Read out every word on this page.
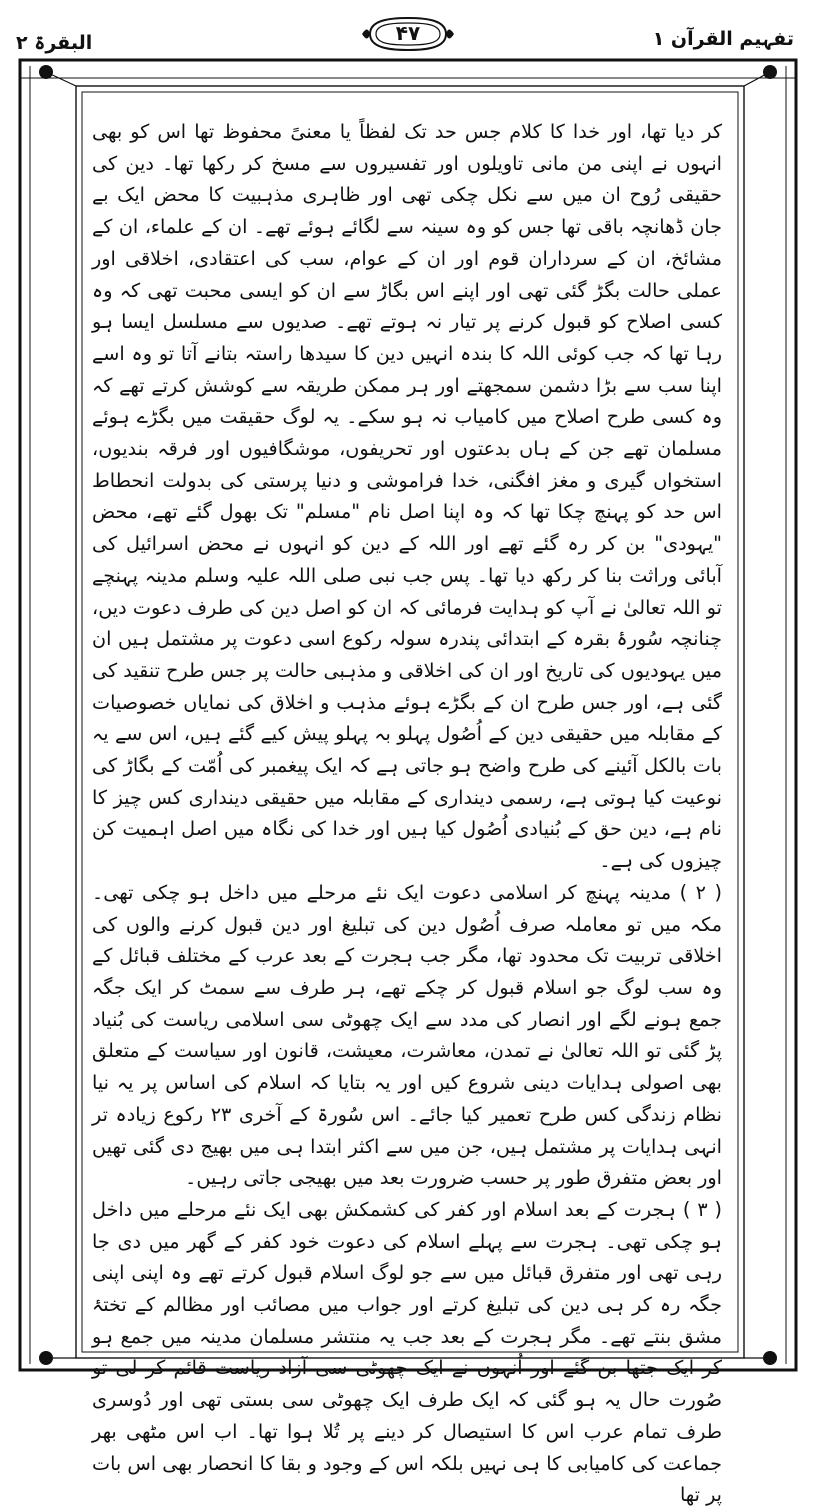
تفہیم القرآن ۱
۴۷
البقرۃ ۲

کر دیا تھا، اور خدا کا کلام جس حد تک لفظاً یا معنیً محفوظ تھا اس کو بھی انہوں نے اپنی من مانی تاویلوں اور تفسیروں سے مسخ کر رکھا تھا۔ دین کی حقیقی رُوح ان میں سے نکل چکی تھی اور ظاہری مذہبیت کا محض ایک بے جان ڈھانچہ باقی تھا جس کو وہ سینہ سے لگائے ہوئے تھے۔ ان کے علماء، ان کے مشائخ، ان کے سرداران قوم اور ان کے عوام، سب کی اعتقادی، اخلاقی اور عملی حالت بگڑ گئی تھی اور اپنے اس بگاڑ سے ان کو ایسی محبت تھی کہ وہ کسی اصلاح کو قبول کرنے پر تیار نہ ہوتے تھے۔ صدیوں سے مسلسل ایسا ہو رہا تھا کہ جب کوئی اللہ کا بندہ انہیں دین کا سیدھا راستہ بتانے آتا تو وہ اسے اپنا سب سے بڑا دشمن سمجھتے اور ہر ممکن طریقہ سے کوشش کرتے تھے کہ وہ کسی طرح اصلاح میں کامیاب نہ ہو سکے۔ یہ لوگ حقیقت میں بگڑے ہوئے مسلمان تھے جن کے ہاں بدعتوں اور تحریفوں، موشگافیوں اور فرقہ بندیوں، استخواں گیری و مغز افگنی، خدا فراموشی و دنیا پرستی کی بدولت انحطاط اس حد کو پہنچ چکا تھا کہ وہ اپنا اصل نام "مسلم" تک بھول گئے تھے، محض "یہودی" بن کر رہ گئے تھے اور اللہ کے دین کو انہوں نے محض اسرائیل کی آبائی وراثت بنا کر رکھ دیا تھا۔ پس جب نبی صلی اللہ علیہ وسلم مدینہ پہنچے تو اللہ تعالیٰ نے آپ کو ہدایت فرمائی کہ ان کو اصل دین کی طرف دعوت دیں، چنانچہ سُورۂ بقرہ کے ابتدائی پندرہ سولہ رکوع اسی دعوت پر مشتمل ہیں ان میں یہودیوں کی تاریخ اور ان کی اخلاقی و مذہبی حالت پر جس طرح تنقید کی گئی ہے، اور جس طرح ان کے بگڑے ہوئے مذہب و اخلاق کی نمایاں خصوصیات کے مقابلہ میں حقیقی دین کے اُصُول پہلو بہ پہلو پیش کیے گئے ہیں، اس سے یہ بات بالکل آئینے کی طرح واضح ہو جاتی ہے کہ ایک پیغمبر کی اُمّت کے بگاڑ کی نوعیت کیا ہوتی ہے، رسمی دینداری کے مقابلہ میں حقیقی دینداری کس چیز کا نام ہے، دین حق کے بُنیادی اُصُول کیا ہیں اور خدا کی نگاہ میں اصل اہمیت کن چیزوں کی ہے۔

( ۲ ) مدینہ پہنچ کر اسلامی دعوت ایک نئے مرحلے میں داخل ہو چکی تھی۔ مکہ میں تو معاملہ صرف اُصُول دین کی تبلیغ اور دین قبول کرنے والوں کی اخلاقی تربیت تک محدود تھا، مگر جب ہجرت کے بعد عرب کے مختلف قبائل کے وہ سب لوگ جو اسلام قبول کر چکے تھے، ہر طرف سے سمٹ کر ایک جگہ جمع ہونے لگے اور انصار کی مدد سے ایک چھوٹی سی اسلامی ریاست کی بُنیاد پڑ گئی تو اللہ تعالیٰ نے تمدن، معاشرت، معیشت، قانون اور سیاست کے متعلق بھی اصولی ہدایات دینی شروع کیں اور یہ بتایا کہ اسلام کی اساس پر یہ نیا نظام زندگی کس طرح تعمیر کیا جائے۔ اس سُورۃ کے آخری ۲۳ رکوع زیادہ تر انہی ہدایات پر مشتمل ہیں، جن میں سے اکثر ابتدا ہی میں بھیج دی گئی تھیں اور بعض متفرق طور پر حسب ضرورت بعد میں بھیجی جاتی رہیں۔

( ۳ ) ہجرت کے بعد اسلام اور کفر کی کشمکش بھی ایک نئے مرحلے میں داخل ہو چکی تھی۔ ہجرت سے پہلے اسلام کی دعوت خود کفر کے گھر میں دی جا رہی تھی اور متفرق قبائل میں سے جو لوگ اسلام قبول کرتے تھے وہ اپنی اپنی جگہ رہ کر ہی دین کی تبلیغ کرتے اور جواب میں مصائب اور مظالم کے تختۂ مشق بنتے تھے۔ مگر ہجرت کے بعد جب یہ منتشر مسلمان مدینہ میں جمع ہو کر ایک جتھا بن گئے اور اُنہوں نے ایک چھوٹی سی آزاد ریاست قائم کر لی تو صُورت حال یہ ہو گئی کہ ایک طرف ایک چھوٹی سی بستی تھی اور دُوسری طرف تمام عرب اس کا استیصال کر دینے پر تُلا ہوا تھا۔ اب اس مٹھی بھر جماعت کی کامیابی کا ہی نہیں بلکہ اس کے وجود و بقا کا انحصار بھی اس بات پر تھا
